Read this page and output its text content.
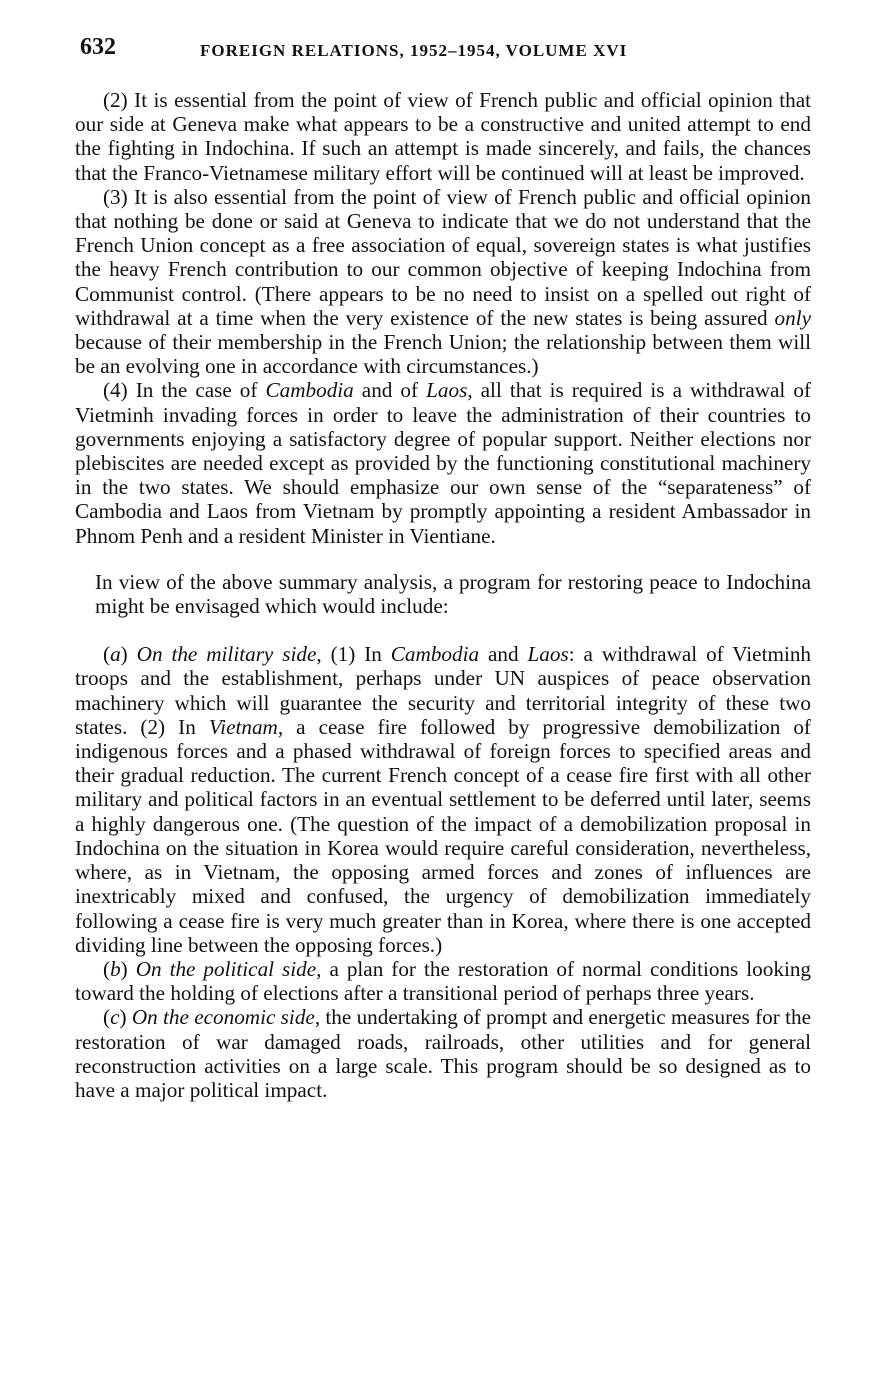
632	FOREIGN RELATIONS, 1952–1954, VOLUME XVI

(2) It is essential from the point of view of French public and official opinion that our side at Geneva make what appears to be a constructive and united attempt to end the fighting in Indochina. If such an attempt is made sincerely, and fails, the chances that the Franco-Vietnamese military effort will be continued will at least be improved.

(3) It is also essential from the point of view of French public and official opinion that nothing be done or said at Geneva to indicate that we do not understand that the French Union concept as a free association of equal, sovereign states is what justifies the heavy French contribution to our common objective of keeping Indochina from Communist control. (There appears to be no need to insist on a spelled out right of withdrawal at a time when the very existence of the new states is being assured only because of their membership in the French Union; the relationship between them will be an evolving one in accordance with circumstances.)

(4) In the case of Cambodia and of Laos, all that is required is a withdrawal of Vietminh invading forces in order to leave the administration of their countries to governments enjoying a satisfactory degree of popular support. Neither elections nor plebiscites are needed except as provided by the functioning constitutional machinery in the two states. We should emphasize our own sense of the “separateness” of Cambodia and Laos from Vietnam by promptly appointing a resident Ambassador in Phnom Penh and a resident Minister in Vientiane.

In view of the above summary analysis, a program for restoring peace to Indochina might be envisaged which would include:

(a) On the military side, (1) In Cambodia and Laos: a withdrawal of Vietminh troops and the establishment, perhaps under UN auspices of peace observation machinery which will guarantee the security and territorial integrity of these two states. (2) In Vietnam, a cease fire followed by progressive demobilization of indigenous forces and a phased withdrawal of foreign forces to specified areas and their gradual reduction. The current French concept of a cease fire first with all other military and political factors in an eventual settlement to be deferred until later, seems a highly dangerous one. (The question of the impact of a demobilization proposal in Indochina on the situation in Korea would require careful consideration, nevertheless, where, as in Vietnam, the opposing armed forces and zones of influences are inextricably mixed and confused, the urgency of demobilization immediately following a cease fire is very much greater than in Korea, where there is one accepted dividing line between the opposing forces.)

(b) On the political side, a plan for the restoration of normal conditions looking toward the holding of elections after a transitional period of perhaps three years.

(c) On the economic side, the undertaking of prompt and energetic measures for the restoration of war damaged roads, railroads, other utilities and for general reconstruction activities on a large scale. This program should be so designed as to have a major political impact.
